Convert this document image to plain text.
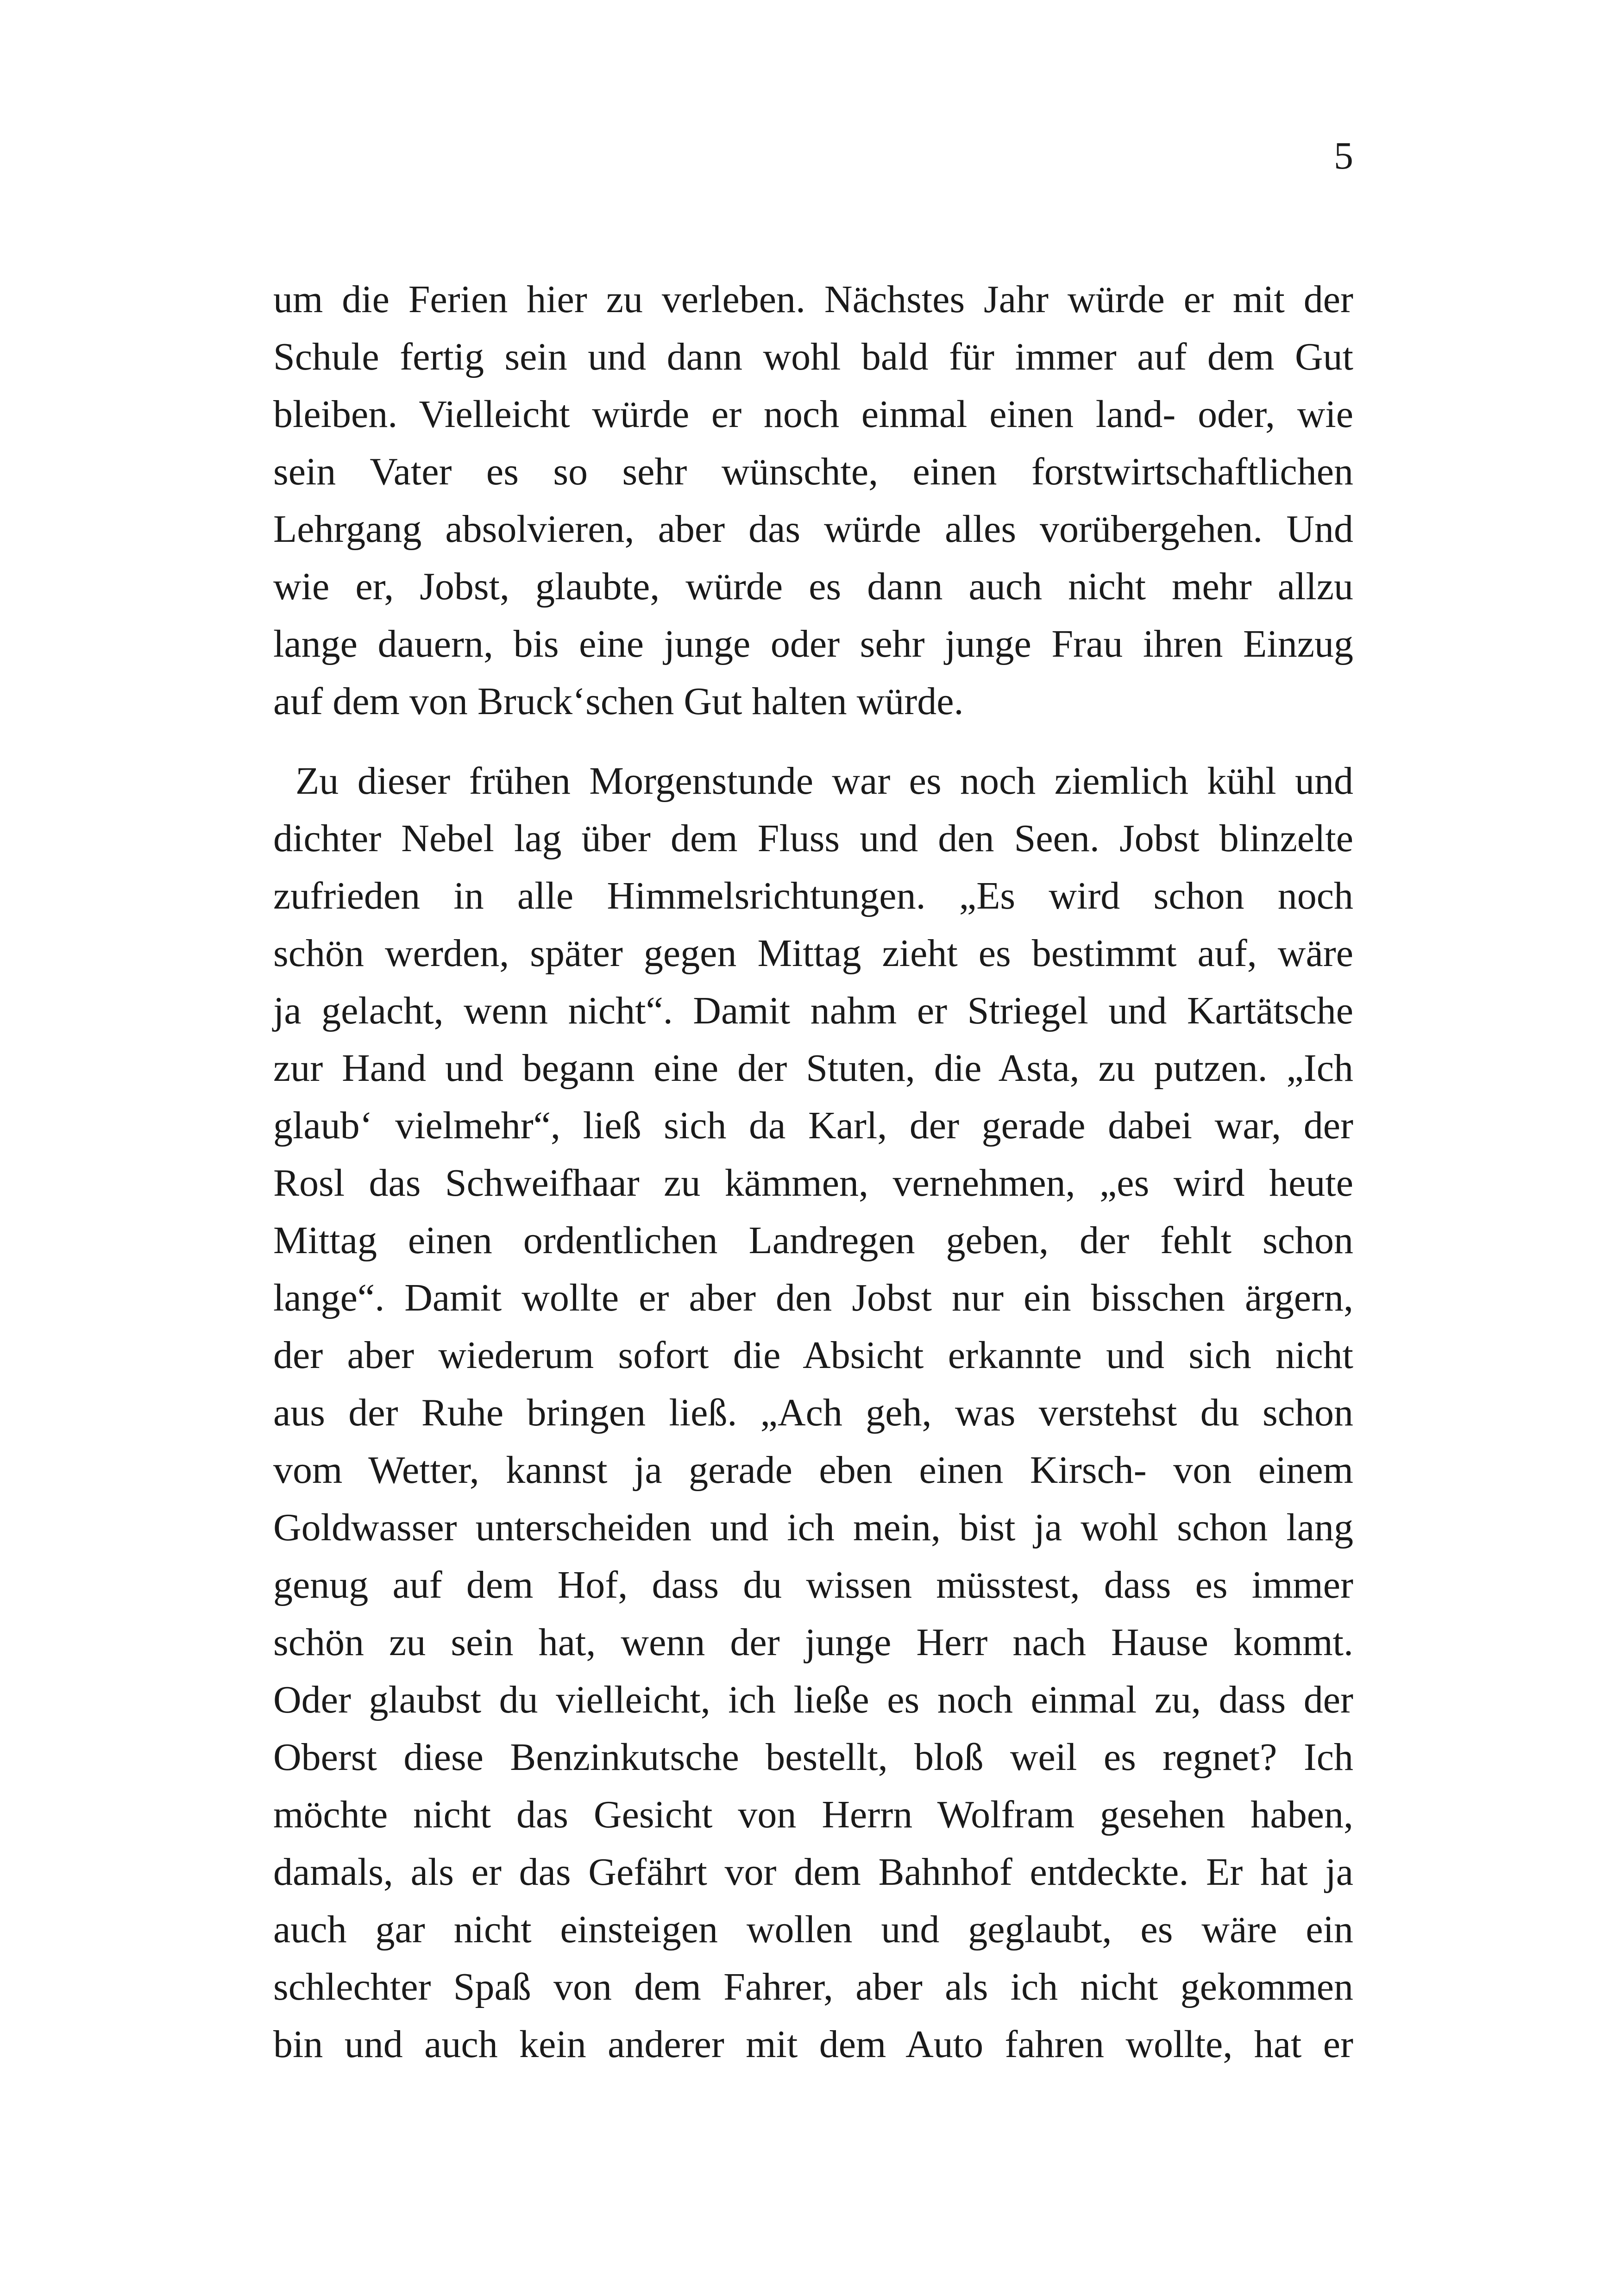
5
um die Ferien hier zu verleben. Nächstes Jahr würde er mit der
Schule fertig sein und dann wohl bald für immer auf dem Gut
bleiben. Vielleicht würde er noch einmal einen land- oder, wie
sein Vater es so sehr wünschte, einen forstwirtschaftlichen
Lehrgang absolvieren, aber das würde alles vorübergehen. Und
wie er, Jobst, glaubte, würde es dann auch nicht mehr allzu
lange dauern, bis eine junge oder sehr junge Frau ihren Einzug
auf dem von Bruck‘schen Gut halten würde.
Zu dieser frühen Morgenstunde war es noch ziemlich kühl und
dichter Nebel lag über dem Fluss und den Seen. Jobst blinzelte
zufrieden in alle Himmelsrichtungen. „Es wird schon noch
schön werden, später gegen Mittag zieht es bestimmt auf, wäre
ja gelacht, wenn nicht“. Damit nahm er Striegel und Kartätsche
zur Hand und begann eine der Stuten, die Asta, zu putzen. „Ich
glaub‘ vielmehr“, ließ sich da Karl, der gerade dabei war, der
Rosl das Schweifhaar zu kämmen, vernehmen, „es wird heute
Mittag einen ordentlichen Landregen geben, der fehlt schon
lange“. Damit wollte er aber den Jobst nur ein bisschen ärgern,
der aber wiederum sofort die Absicht erkannte und sich nicht
aus der Ruhe bringen ließ. „Ach geh, was verstehst du schon
vom Wetter, kannst ja gerade eben einen Kirsch- von einem
Goldwasser unterscheiden und ich mein, bist ja wohl schon lang
genug auf dem Hof, dass du wissen müsstest, dass es immer
schön zu sein hat, wenn der junge Herr nach Hause kommt.
Oder glaubst du vielleicht, ich ließe es noch einmal zu, dass der
Oberst diese Benzinkutsche bestellt, bloß weil es regnet? Ich
möchte nicht das Gesicht von Herrn Wolfram gesehen haben,
damals, als er das Gefährt vor dem Bahnhof entdeckte. Er hat ja
auch gar nicht einsteigen wollen und geglaubt, es wäre ein
schlechter Spaß von dem Fahrer, aber als ich nicht gekommen
bin und auch kein anderer mit dem Auto fahren wollte, hat er
